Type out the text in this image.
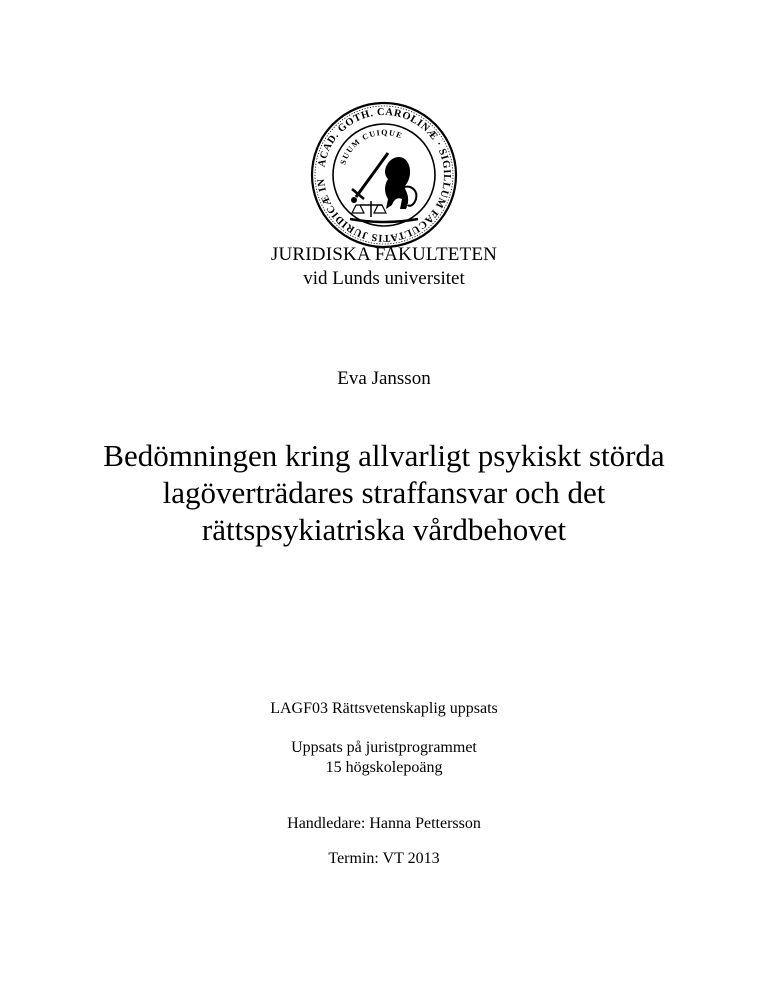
ACAD. GOTH. CAROLINÆ · SIGILLUM FACULTATIS JURIDICÆ IN
SUUM CUIQUE
JURIDISKA FAKULTETEN
vid Lunds universitet
Eva Jansson
Bedömningen kring allvarligt psykiskt störda
lagöverträdares straffansvar och det
rättspsykiatriska vårdbehovet
LAGF03 Rättsvetenskaplig uppsats
Uppsats på juristprogrammet
15 högskolepoäng
Handledare: Hanna Pettersson
Termin: VT 2013
